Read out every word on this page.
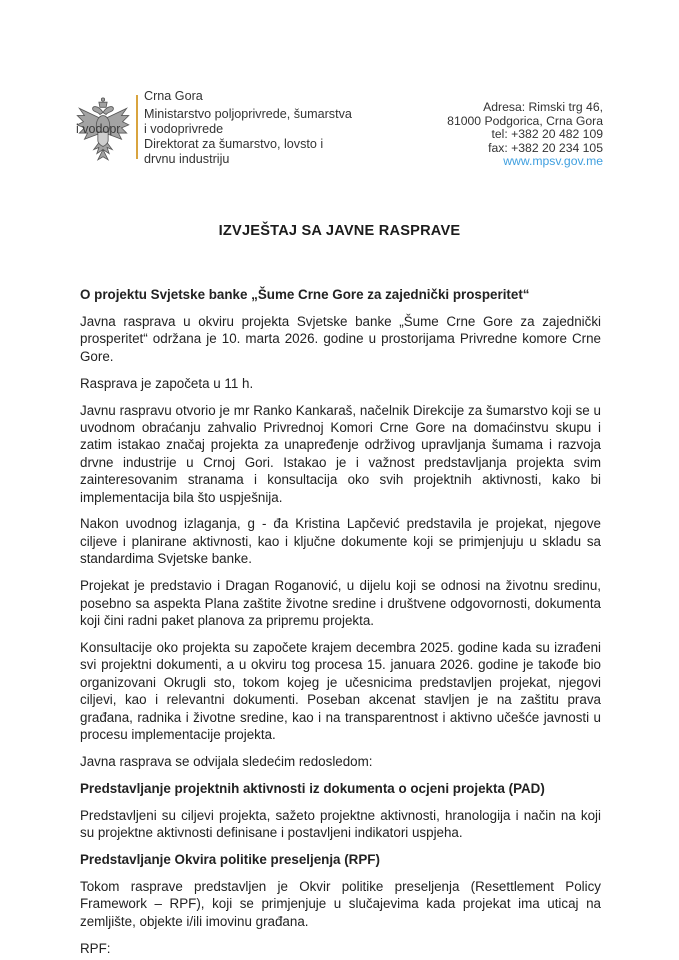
i vodopr
Crna Gora
Ministarstvo poljoprivrede, šumarstva
i vodoprivrede
Direktorat za šumarstvo, lovsto i
drvnu industriju
Adresa: Rimski trg 46,
81000 Podgorica, Crna Gora
tel: +382 20 482 109
fax: +382 20 234 105
www.mpsv.gov.me
IZVJEŠTAJ SA JAVNE RASPRAVE

O projektu Svjetske banke „Šume Crne Gore za zajednički prosperitet“

Javna rasprava u okviru projekta Svjetske banke „Šume Crne Gore za zajednički prosperitet“ održana je 10. marta 2026. godine u prostorijama Privredne komore Crne Gore.

Rasprava je započeta u 11 h.

Javnu raspravu otvorio je mr Ranko Kankaraš, načelnik Direkcije za šumarstvo koji se u uvodnom obraćanju zahvalio Privrednoj Komori Crne Gore na domaćinstvu skupu i zatim istakao značaj projekta za unapređenje održivog upravljanja šumama i razvoja drvne industrije u Crnoj Gori. Istakao je i važnost predstavljanja projekta svim zainteresovanim stranama i konsultacija oko svih projektnih aktivnosti, kako bi implementacija bila što uspješnija.

Nakon uvodnog izlaganja, g - đa Kristina Lapčević predstavila je projekat, njegove ciljeve i planirane aktivnosti, kao i ključne dokumente koji se primjenjuju u skladu sa standardima Svjetske banke.

Projekat je predstavio i Dragan Roganović, u dijelu koji se odnosi na životnu sredinu, posebno sa aspekta Plana zaštite životne sredine i društvene odgovornosti, dokumenta koji čini radni paket planova za pripremu projekta.

Konsultacije oko projekta su započete krajem decembra 2025. godine kada su izrađeni svi projektni dokumenti, a u okviru tog procesa 15. januara 2026. godine je takođe bio organizovani Okrugli sto, tokom kojeg je učesnicima predstavljen projekat, njegovi ciljevi, kao i relevantni dokumenti. Poseban akcenat stavljen je na zaštitu prava građana, radnika i životne sredine, kao i na transparentnost i aktivno učešće javnosti u procesu implementacije projekta.

Javna rasprava se odvijala sledećim redosledom:

Predstavljanje projektnih aktivnosti iz dokumenta o ocjeni projekta (PAD)

Predstavljeni su ciljevi projekta, sažeto projektne aktivnosti, hranologija i način na koji su projektne aktivnosti definisane i postavljeni indikatori uspjeha.

Predstavljanje Okvira politike preseljenja (RPF)

Tokom rasprave predstavljen je Okvir politike preseljenja (Resettlement Policy Framework – RPF), koji se primjenjuje u slučajevima kada projekat ima uticaj na zemljište, objekte i/ili imovinu građana.

RPF:
